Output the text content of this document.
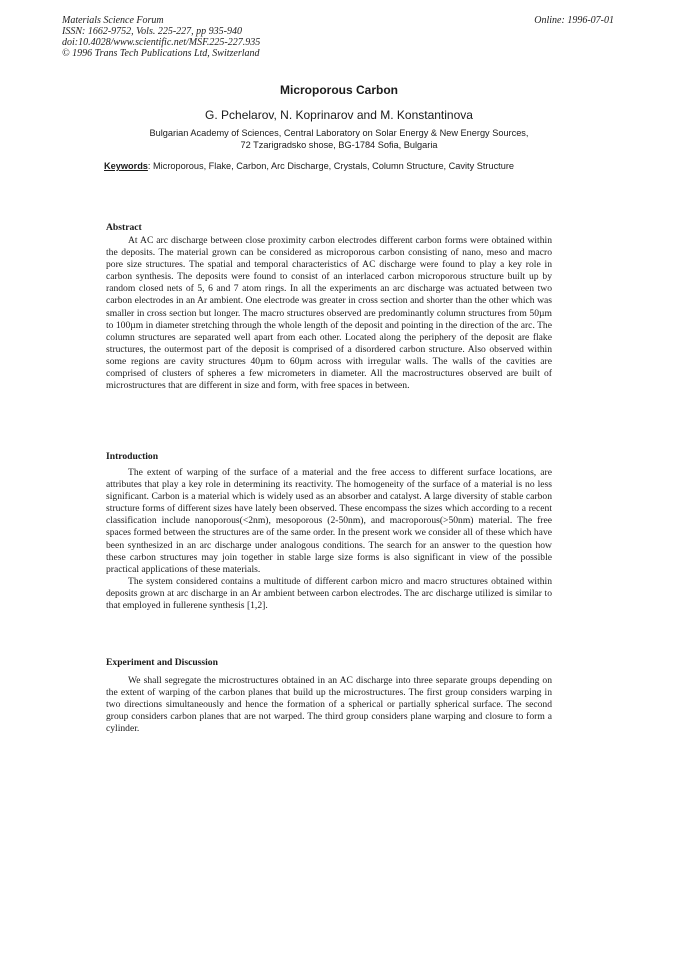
Materials Science Forum
ISSN: 1662-9752, Vols. 225-227, pp 935-940
doi:10.4028/www.scientific.net/MSF.225-227.935
© 1996 Trans Tech Publications Ltd, Switzerland
Online: 1996-07-01
Microporous Carbon
G. Pchelarov, N. Koprinarov and M. Konstantinova
Bulgarian Academy of Sciences, Central Laboratory on Solar Energy & New Energy Sources,
72 Tzarigradsko shose, BG-1784 Sofia, Bulgaria
Keywords: Microporous, Flake, Carbon, Arc Discharge, Crystals, Column Structure, Cavity Structure
Abstract

At AC arc discharge between close proximity carbon electrodes different carbon forms were obtained within the deposits. The material grown can be considered as microporous carbon consisting of nano, meso and macro pore size structures. The spatial and temporal characteristics of AC discharge were found to play a key role in carbon synthesis. The deposits were found to consist of an interlaced carbon microporous structure built up by random closed nets of 5, 6 and 7 atom rings. In all the experiments an arc discharge was actuated between two carbon electrodes in an Ar ambient. One electrode was greater in cross section and shorter than the other which was smaller in cross section but longer. The macro structures observed are predominantly column structures from 50µm to 100µm in diameter stretching through the whole length of the deposit and pointing in the direction of the arc. The column structures are separated well apart from each other. Located along the periphery of the deposit are flake structures, the outermost part of the deposit is comprised of a disordered carbon structure. Also observed within some regions are cavity structures 40µm to 60µm across with irregular walls. The walls of the cavities are comprised of clusters of spheres a few micrometers in diameter. All the macrostructures observed are built of microstructures that are different in size and form, with free spaces in between.

Introduction

The extent of warping of the surface of a material and the free access to different surface locations, are attributes that play a key role in determining its reactivity. The homogeneity of the surface of a material is no less significant. Carbon is a material which is widely used as an absorber and catalyst. A large diversity of stable carbon structure forms of different sizes have lately been observed. These encompass the sizes which according to a recent classification include nanoporous(<2nm), mesoporous (2-50nm), and macroporous(>50nm) material. The free spaces formed between the structures are of the same order. In the present work we consider all of these which have been synthesized in an arc discharge under analogous conditions. The search for an answer to the question how these carbon structures may join together in stable large size forms is also significant in view of the possible practical applications of these materials.

The system considered contains a multitude of different carbon micro and macro structures obtained within deposits grown at arc discharge in an Ar ambient between carbon electrodes. The arc discharge utilized is similar to that employed in fullerene synthesis [1,2].

Experiment and Discussion

We shall segregate the microstructures obtained in an AC discharge into three separate groups depending on the extent of warping of the carbon planes that build up the microstructures. The first group considers warping in two directions simultaneously and hence the formation of a spherical or partially spherical surface. The second group considers carbon planes that are not warped. The third group considers plane warping and closure to form a cylinder.
